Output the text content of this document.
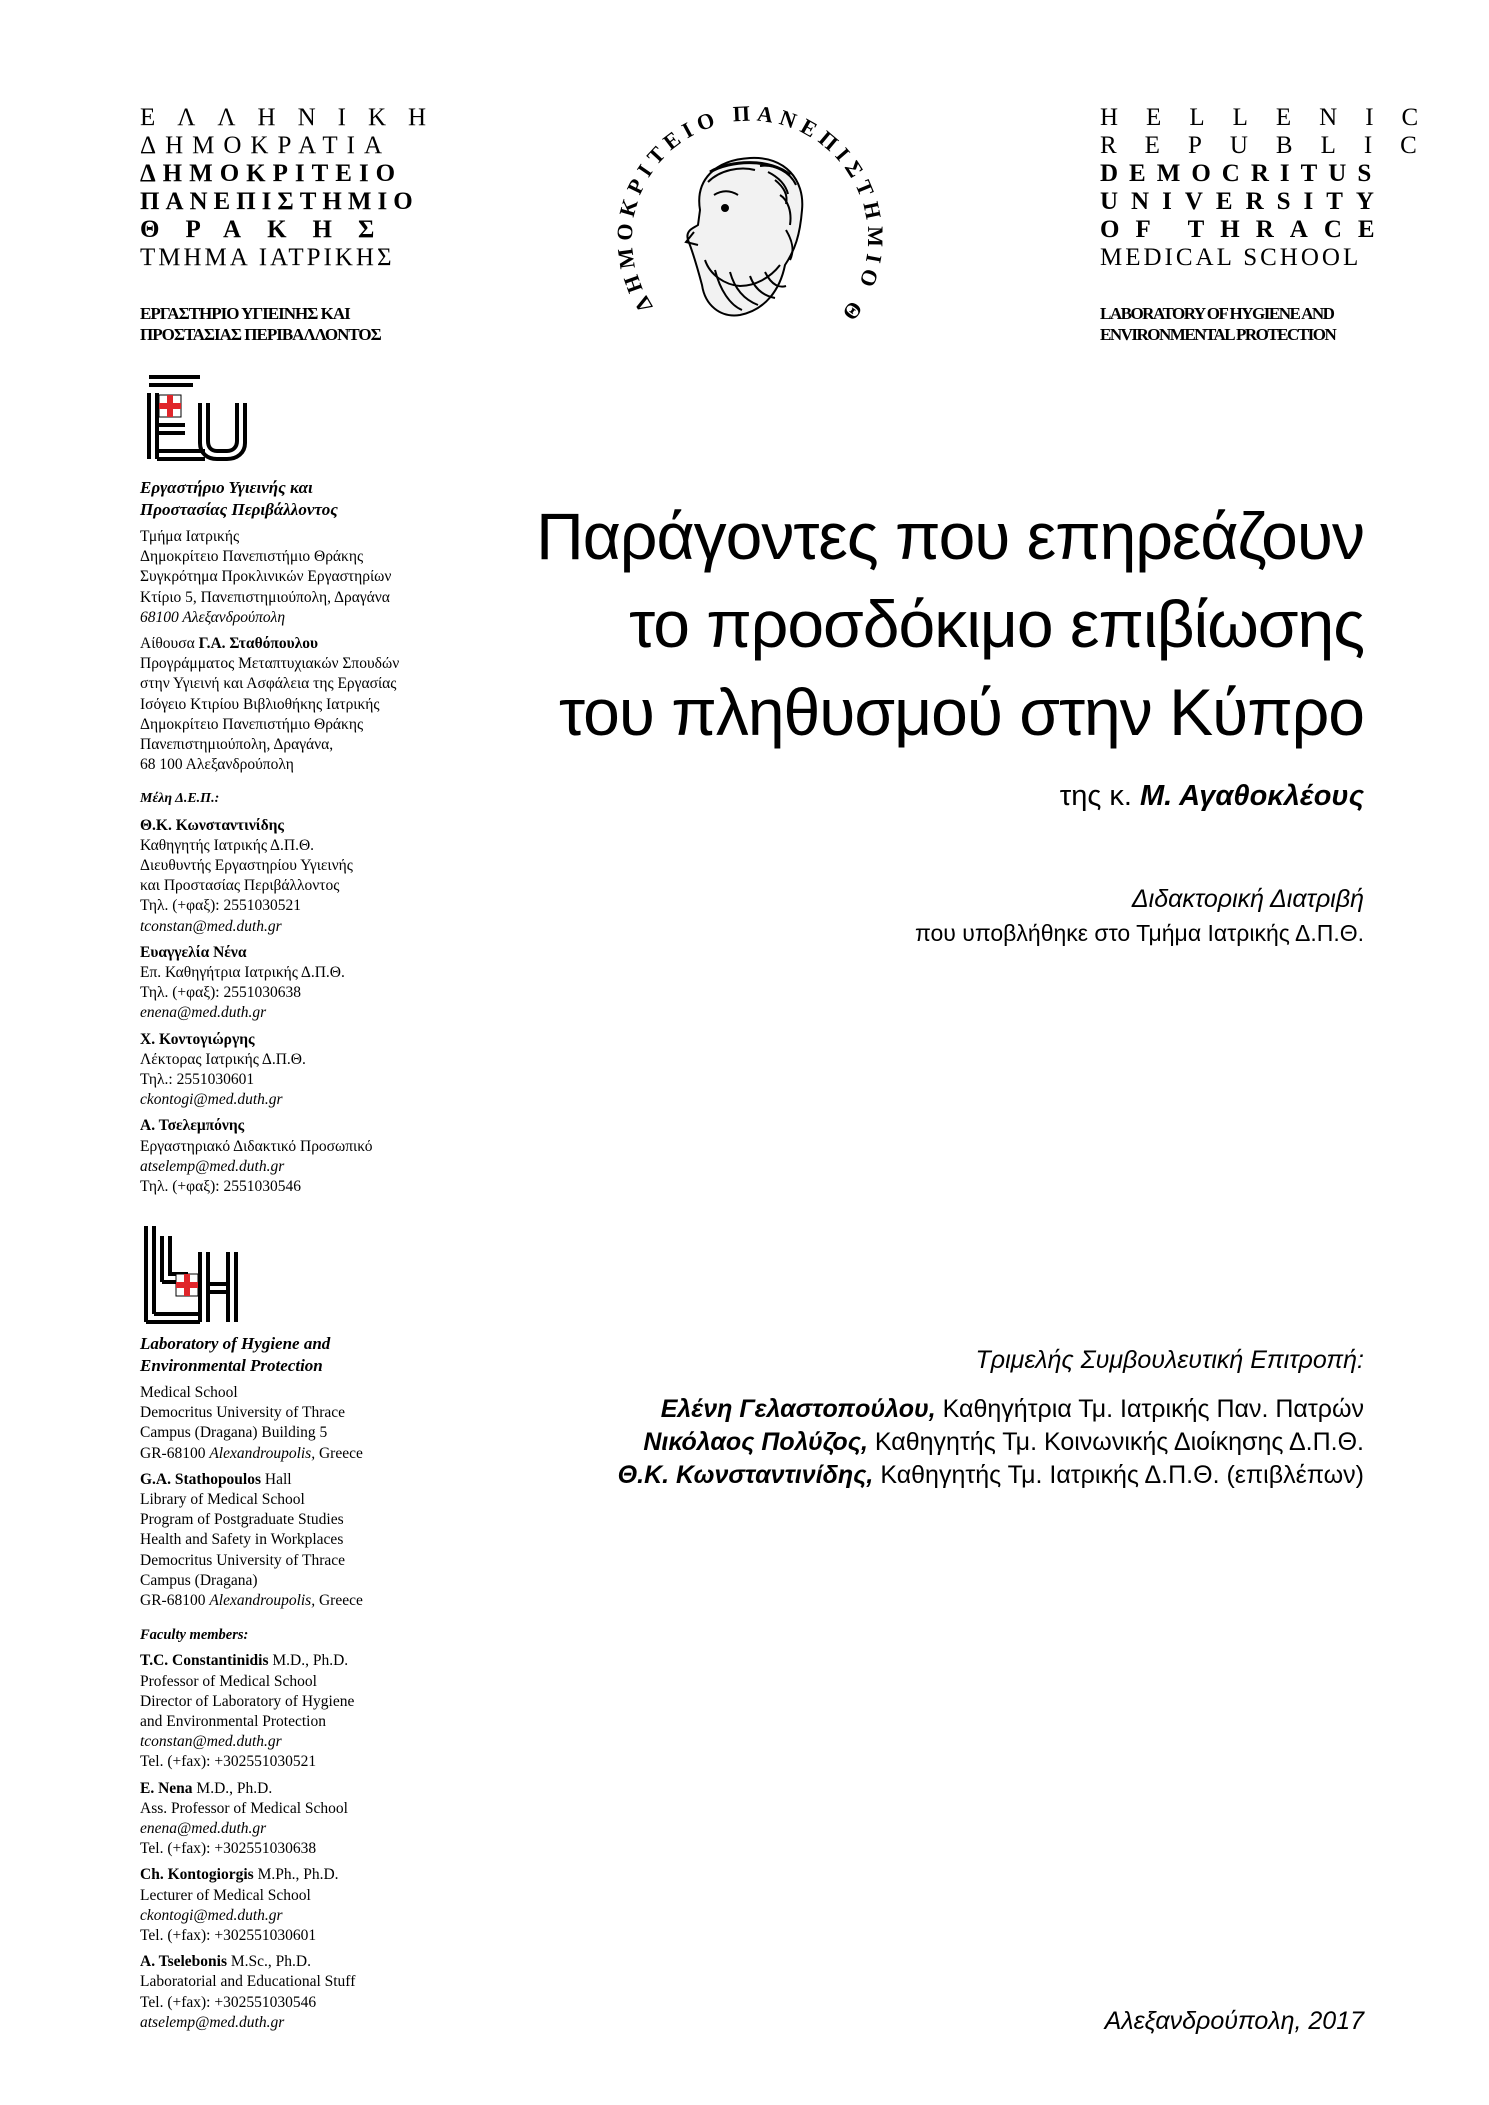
ΕΛΛΗΝΙΚΗ
ΔΗΜΟΚΡΑΤΙΑ
ΔΗΜΟΚΡΙΤΕΙΟ
ΠΑΝΕΠΙΣΤΗΜΙΟ
ΘΡΑΚΗΣ
ΤΜΗΜΑ ΙΑΤΡΙΚΗΣ
ΕΡΓΑΣΤΗΡΙΟ ΥΓΙΕΙΝΗΣ ΚΑΙ
ΠΡΟΣΤΑΣΙΑΣ ΠΕΡΙΒΑΛΛΟΝΤΟΣ
HELLENIC
REPUBLIC
DEMOCRITUS
UNIVERSITY
OF THRACE
MEDICAL SCHOOL
LABORATORY OF HYGIENE AND
ENVIRONMENTAL PROTECTION
ΔΗΜΟΚΡΙΤΕΙΟ ΠΑΝΕΠΙΣΤΗΜΙΟ Θ
Εργαστήριο Υγιεινής και
Προστασίας Περιβάλλοντος
Τμήμα Ιατρικής
Δημοκρίτειο Πανεπιστήμιο Θράκης
Συγκρότημα Προκλινικών Εργαστηρίων
Κτίριο 5, Πανεπιστημιούπολη, Δραγάνα
68100 Αλεξανδρούπολη
Αίθουσα Γ.Α. Σταθόπουλου
Προγράμματος Μεταπτυχιακών Σπουδών
στην Υγιεινή και Ασφάλεια της Εργασίας
Ισόγειο Κτιρίου Βιβλιοθήκης Ιατρικής
Δημοκρίτειο Πανεπιστήμιο Θράκης
Πανεπιστημιούπολη, Δραγάνα,
68 100 Αλεξανδρούπολη
Μέλη Δ.Ε.Π.:
Θ.Κ. Κωνσταντινίδης
Καθηγητής Ιατρικής Δ.Π.Θ.
Διευθυντής Εργαστηρίου Υγιεινής
και Προστασίας Περιβάλλοντος
Τηλ. (+φαξ): 2551030521
tconstan@med.duth.gr
Ευαγγελία Νένα
Επ. Καθηγήτρια Ιατρικής Δ.Π.Θ.
Τηλ. (+φαξ): 2551030638
enena@med.duth.gr
Χ. Κοντογιώργης
Λέκτορας Ιατρικής Δ.Π.Θ.
Τηλ.: 2551030601
ckontogi@med.duth.gr
Α. Τσελεμπόνης
Εργαστηριακό Διδακτικό Προσωπικό
atselemp@med.duth.gr
Τηλ. (+φαξ): 2551030546
Laboratory of Hygiene and
Environmental Protection
Medical School
Democritus University of Thrace
Campus (Dragana) Building 5
GR-68100 Alexandroupolis, Greece
G.A. Stathopoulos Hall
Library of Medical School
Program of Postgraduate Studies
Health and Safety in Workplaces
Democritus University of Thrace
Campus (Dragana)
GR-68100 Alexandroupolis, Greece
Faculty members:
T.C. Constantinidis M.D., Ph.D.
Professor of Medical School
Director of Laboratory of Hygiene
and Environmental Protection
tconstan@med.duth.gr
Tel. (+fax): +302551030521
E. Nena M.D., Ph.D.
Ass. Professor of Medical School
enena@med.duth.gr
Tel. (+fax): +302551030638
Ch. Kontogiorgis M.Ph., Ph.D.
Lecturer of Medical School
ckontogi@med.duth.gr
Tel. (+fax): +302551030601
A. Tselebonis M.Sc., Ph.D.
Laboratorial and Educational Stuff
Tel. (+fax): +302551030546
atselemp@med.duth.gr
Παράγοντες που επηρεάζουν
το προσδόκιμο επιβίωσης
του πληθυσμού στην Κύπρο
της κ. Μ. Αγαθοκλέους
Διδακτορική Διατριβή
που υποβλήθηκε στο Τμήμα Ιατρικής Δ.Π.Θ.
Τριμελής Συμβουλευτική Επιτροπή:
Ελένη Γελαστοπούλου, Καθηγήτρια Τμ. Ιατρικής Παν. Πατρών
Νικόλαος Πολύζος, Καθηγητής Τμ. Κοινωνικής Διοίκησης Δ.Π.Θ.
Θ.Κ. Κωνσταντινίδης, Καθηγητής Τμ. Ιατρικής Δ.Π.Θ. (επιβλέπων)
Αλεξανδρούπολη, 2017
